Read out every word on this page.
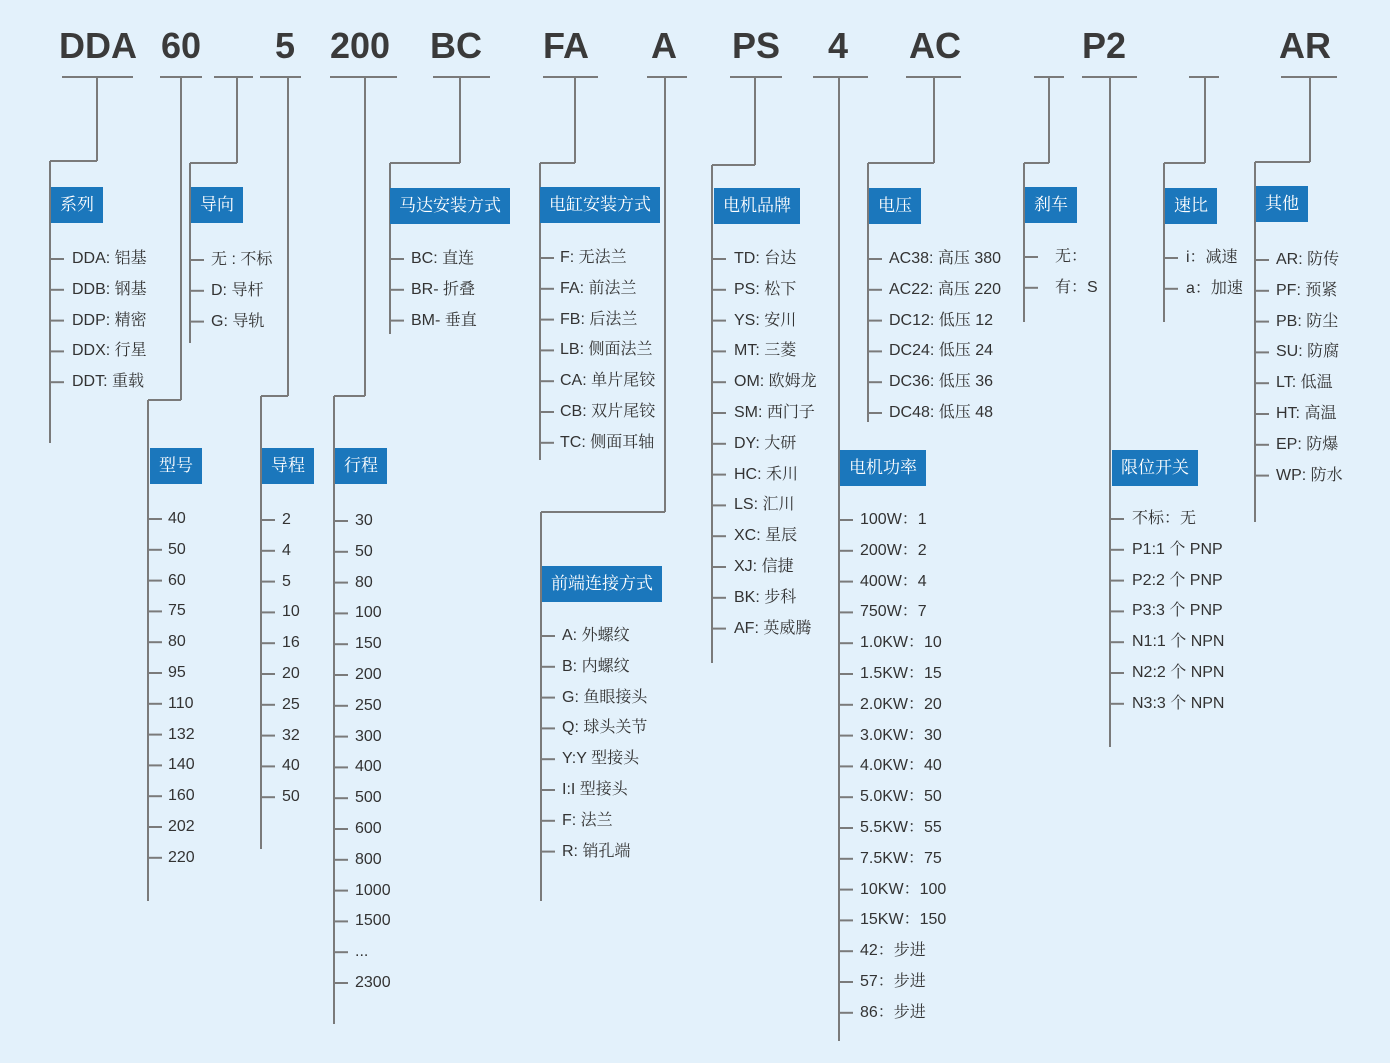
DDA 60	5 200	BC	FA	A	PS	4	AC	P2	AR
系列
DDA: 铝基
DDB: 钢基
DDP: 精密
DDX: 行星
DDT: 重载
导向
无 : 不标
D: 导杆
G: 导轨
型号
40
50
60
75
80
95
110
132
140
160
202
220
导程
2
4
5
10
16
20
25
32
40
50
行程
30
50
80
100
150
200
250
300
400
500
600
800
1000
1500
...
2300
马达安装方式
BC: 直连
BR- 折叠
BM- 垂直
电缸安装方式
F: 无法兰
FA: 前法兰
FB: 后法兰
LB: 侧面法兰
CA: 单片尾铰
CB: 双片尾铰
TC: 侧面耳轴
前端连接方式
A: 外螺纹
B: 内螺纹
G: 鱼眼接头
Q: 球头关节
Y:Y 型接头
I:I 型接头
F: 法兰
R: 销孔端
电机品牌
TD: 台达
PS: 松下
YS: 安川
MT: 三菱
OM: 欧姆龙
SM: 西门子
DY: 大研
HC: 禾川
LS: 汇川
XC: 星辰
XJ: 信捷
BK: 步科
AF: 英威腾
电机功率
100W：1
200W：2
400W：4
750W：7
1.0KW：10
1.5KW：15
2.0KW：20
3.0KW：30
4.0KW：40
5.0KW：50
5.5KW：55
7.5KW：75
10KW：100
15KW：150
42：步进
57：步进
86：步进
电压
AC38: 高压 380
AC22: 高压 220
DC12: 低压 12
DC24: 低压 24
DC36: 低压 36
DC48: 低压 48
刹车
无：
有：S
限位开关
不标：无
P1:1 个 PNP
P2:2 个 PNP
P3:3 个 PNP
N1:1 个 NPN
N2:2 个 NPN
N3:3 个 NPN
速比
i：减速
a：加速
其他
AR: 防传
PF: 预紧
PB: 防尘
SU: 防腐
LT: 低温
HT: 高温
EP: 防爆
WP: 防水
